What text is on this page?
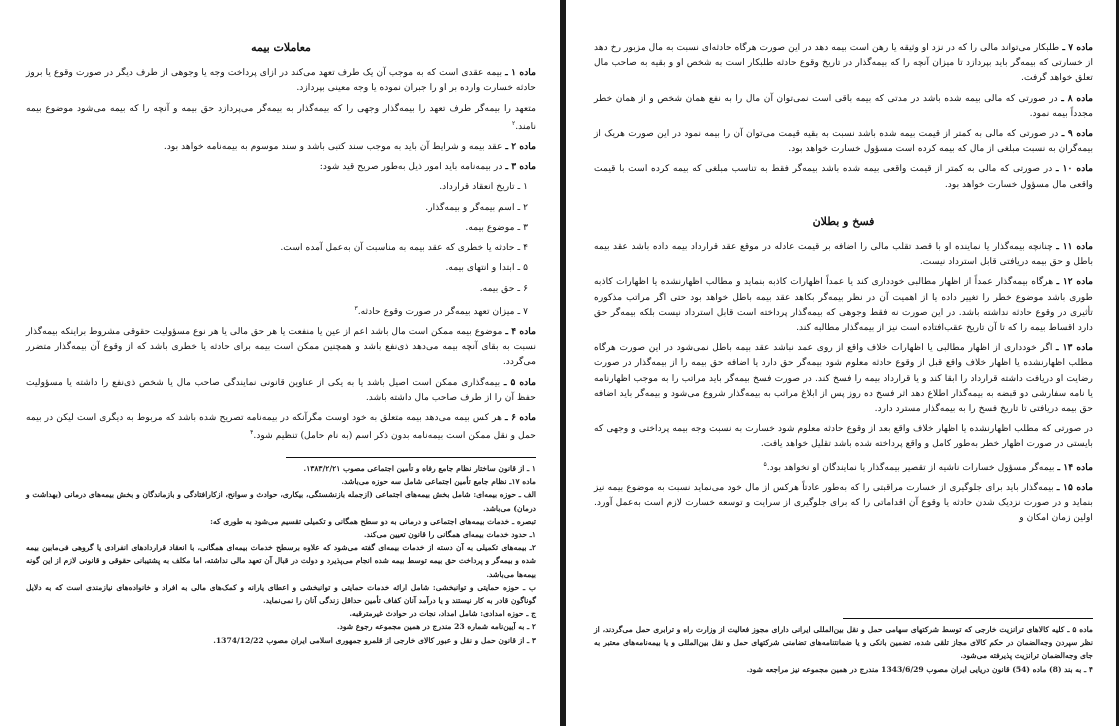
معاملات بیمه

ماده ۱ ـ بیمه عقدی است که به موجب آن یک طرف تعهد می‌کند در ازای پرداخت وجه یا وجوهی از طرف دیگر در صورت وقوع یا بروز حادثه خسارت وارده بر او را جبران نموده یا وجه معینی بپردازد.

متعهد را بیمه‌گر طرف تعهد را بیمه‌گذار وجهی را که بیمه‌گذار به بیمه‌گر می‌پردازد حق بیمه و آنچه را که بیمه می‌شود موضوع بیمه نامند.$^۲$

ماده ۲ ـ عقد بیمه و شرایط آن باید به موجب سند کتبی باشد و سند موسوم به بیمه‌نامه خواهد بود.

ماده ۳ ـ در بیمه‌نامه باید امور ذیل به‌طور صریح قید شود:

۱ ـ تاریخ انعقاد قرارداد.

۲ ـ اسم بیمه‌گر و بیمه‌گذار.

۳ ـ موضوع بیمه.

۴ ـ حادثه یا خطری که عقد بیمه به مناسبت آن به‌عمل آمده است.

۵ ـ ابتدا و انتهای بیمه.

۶ ـ حق بیمه.

۷ ـ میزان تعهد بیمه‌گر در صورت وقوع حادثه.$^۳$

ماده ۴ ـ موضوع بیمه ممکن است مال باشد اعم از عین یا منفعت یا هر حق مالی یا هر نوع مسؤولیت حقوقی مشروط براینکه بیمه‌گذار نسبت به بقای آنچه بیمه می‌دهد ذی‌نفع باشد و همچنین ممکن است بیمه برای حادثه یا خطری باشد که از وقوع آن بیمه‌گذار متضرر می‌گردد.

ماده ۵ ـ بیمه‌گذاری ممکن است اصیل باشد یا به یکی از عناوین قانونی نمایندگی صاحب مال یا شخص ذی‌نفع را داشته یا مسؤولیت حفظ آن را از طرف صاحب مال داشته باشد.

ماده ۶ ـ هر کس بیمه می‌دهد بیمه متعلق به خود اوست مگرآنکه در بیمه‌نامه تصریح شده باشد که مربوط به دیگری است لیکن در بیمه حمل و نقل ممکن است بیمه‌نامه بدون ذکر اسم (به نام حامل) تنظیم شود.$^۴$

۱ ـ از قانون ساختار نظام جامع رفاه و تأمین اجتماعی مصوب ۱۳۸۳/۲/۲۱.

ماده ۱۷ـ نظام جامع تأمین اجتماعی شامل سه حوزه می‌باشد.

الف ـ حوزه بیمه‌ای: شامل بخش بیمه‌های اجتماعی (ازجمله بازنشستگی، بیکاری، حوادث و سوانح، ازکارافتادگی و بازماندگان و بخش بیمه‌های درمانی (بهداشت و درمان) می‌باشد.

تبصره ـ خدمات بیمه‌های اجتماعی و درمانی به دو سطح همگانی و تکمیلی تقسیم می‌شود به طوری که:

۱ـ حدود خدمات بیمه‌ای همگانی را قانون تعیین می‌کند.

۲ـ بیمه‌های تکمیلی به آن دسته از خدمات بیمه‌ای گفته می‌شود که علاوه برسطح خدمات بیمه‌ای همگانی، با انعقاد قراردادهای انفرادی یا گروهی فی‌مابین بیمه شده و بیمه‌گر و پرداخت حق بیمه توسط بیمه شده انجام می‌پذیرد و دولت در قبال آن تعهد مالی نداشته، اما مکلف به پشتیبانی حقوقی و قانونی لازم از این گونه بیمه‌ها می‌باشد.

ب ـ حوزه حمایتی و توانبخشی: شامل ارائه خدمات حمایتی و توانبخشی و اعطای یارانه و کمک‌های مالی به افراد و خانواده‌های نیازمندی است که به دلایل گوناگون قادر به کار نیستند و یا درآمد آنان کفاف تأمین حداقل زندگی آنان را نمی‌نماید.

ج ـ حوزه امدادی: شامل امداد، نجات در حوادث غیرمترقبه.

۲ ـ به آیین‌نامه شماره 23 مندرج در همین مجموعه رجوع شود.

۳ ـ از قانون حمل و نقل و عبور کالای خارجی از قلمرو جمهوری اسلامی ایران مصوب 1374/12/22.

ماده ۷ ـ طلبکار می‌تواند مالی را که در نزد او وثیقه یا رهن است بیمه دهد در این صورت هرگاه حادثه‌ای نسبت به مال مزبور رخ دهد از خسارتی که بیمه‌گر باید بپردازد تا میزان آنچه را که بیمه‌گذار در تاریخ وقوع حادثه طلبکار است به شخص او و بقیه به صاحب مال تعلق خواهد گرفت.

ماده ۸ ـ در صورتی که مالی بیمه شده باشد در مدتی که بیمه باقی است نمی‌توان آن مال را به نفع همان شخص و از همان خطر مجدداً بیمه نمود.

ماده ۹ ـ در صورتی که مالی به کمتر از قیمت بیمه شده باشد نسبت به بقیه قیمت می‌توان آن را بیمه نمود در این صورت هریک از بیمه‌گران به نسبت مبلغی از مال که بیمه کرده است مسؤول خسارت خواهد بود.

ماده ۱۰ ـ در صورتی که مالی به کمتر از قیمت واقعی بیمه شده باشد بیمه‌گر فقط به تناسب مبلغی که بیمه کرده است با قیمت واقعی مال مسؤول خسارت خواهد بود.

فسخ و بطلان

ماده ۱۱ ـ چنانچه بیمه‌گذار یا نماینده او با قصد تقلب مالی را اضافه بر قیمت عادله در موقع عقد قرارداد بیمه داده باشد عقد بیمه باطل و حق بیمه دریافتی قابل استرداد نیست.

ماده ۱۲ ـ هرگاه بیمه‌گذار عمداً از اظهار مطالبی خودداری کند یا عمداً اظهارات کاذبه بنماید و مطالب اظهارنشده یا اظهارات کاذبه طوری باشد موضوع خطر را تغییر داده یا از اهمیت آن در نظر بیمه‌گر بکاهد عقد بیمه باطل خواهد بود حتی اگر مراتب مذکوره تأثیری در وقوع حادثه نداشته باشد. در این صورت نه فقط وجوهی که بیمه‌گذار پرداخته است قابل استرداد نیست بلکه بیمه‌گر حق دارد اقساط بیمه را که تا آن تاریخ عقب‌افتاده است نیز از بیمه‌گذار مطالبه کند.

ماده ۱۳ ـ اگر خودداری از اظهار مطالبی یا اظهارات خلاف واقع از روی عمد نباشد عقد بیمه باطل نمی‌شود در این صورت هرگاه مطلب اظهارنشده یا اظهار خلاف واقع قبل از وقوع حادثه معلوم شود بیمه‌گر حق دارد یا اضافه حق بیمه را از بیمه‌گذار در صورت رضایت او دریافت داشته قرارداد را ابقا کند و یا قرارداد بیمه را فسخ کند. در صورت فسخ بیمه‌گر باید مراتب را به موجب اظهارنامه یا نامه سفارشی دو قبضه به بیمه‌گذار اطلاع دهد اثر فسخ ده روز پس از ابلاغ مراتب به بیمه‌گذار شروع می‌شود و بیمه‌گر باید اضافه حق بیمه دریافتی تا تاریخ فسخ را به بیمه‌گذار مسترد دارد.

در صورتی که مطلب اظهارنشده یا اظهار خلاف واقع بعد از وقوع حادثه معلوم شود خسارت به نسبت وجه بیمه پرداختی و وجهی که بایستی در صورت اظهار خطر به‌طور کامل و واقع پرداخته شده باشد تقلیل خواهد یافت.

ماده ۱۴ ـ بیمه‌گر مسؤول خسارات ناشیه از تقصیر بیمه‌گذار یا نمایندگان او نخواهد بود.$^۵$

ماده ۱۵ ـ بیمه‌گذار باید برای جلوگیری از خسارت مراقبتی را که به‌طور عادتاً هرکس از مال خود می‌نماید نسبت به موضوع بیمه نیز بنماید و در صورت نزدیک شدن حادثه یا وقوع آن اقداماتی را که برای جلوگیری از سرایت و توسعه خسارت لازم است به‌عمل آورد. اولین زمان امکان و

ماده ۵ ـ کلیه کالاهای ترانزیت خارجی که توسط شرکتهای سهامی حمل و نقل بین‌المللی ایرانی دارای مجوز فعالیت از وزارت راه و ترابری حمل می‌گردند، از نظر سپردن وجه‌الضمان در حکم کالای مجاز تلقی شده، تضمین بانکی و یا ضمانتنامه‌های تضامنی شرکتهای حمل و نقل بین‌المللی و یا بیمه‌نامه‌های معتبر به جای وجه‌الضمان ترانزیت پذیرفته می‌شود.

۴ ـ به بند (8) ماده (54) قانون دریایی ایران مصوب 1343/6/29 مندرج در همین مجموعه نیز مراجعه شود.
